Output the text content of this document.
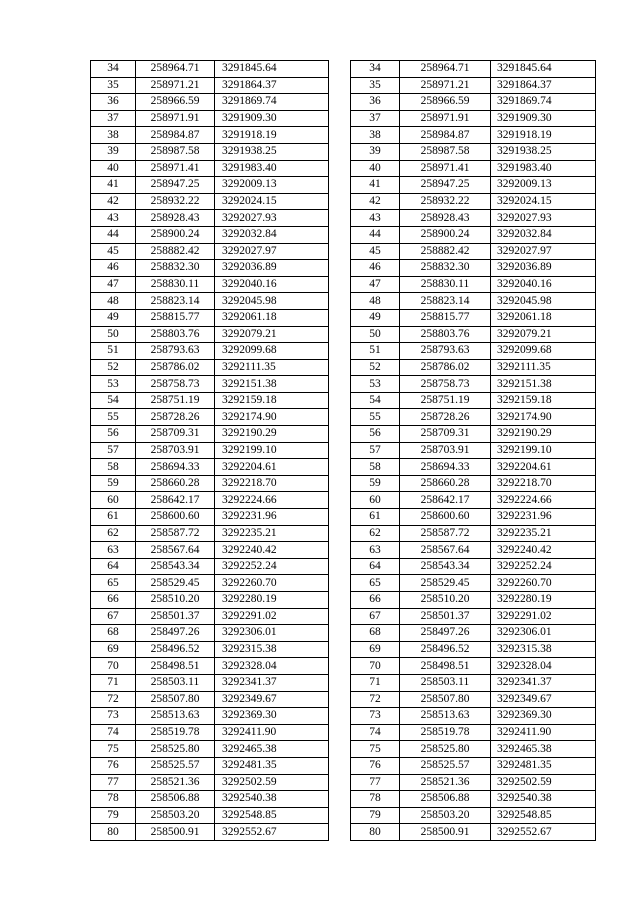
34	258964.71	3291845.64
35	258971.21	3291864.37
36	258966.59	3291869.74
37	258971.91	3291909.30
38	258984.87	3291918.19
39	258987.58	3291938.25
40	258971.41	3291983.40
41	258947.25	3292009.13
42	258932.22	3292024.15
43	258928.43	3292027.93
44	258900.24	3292032.84
45	258882.42	3292027.97
46	258832.30	3292036.89
47	258830.11	3292040.16
48	258823.14	3292045.98
49	258815.77	3292061.18
50	258803.76	3292079.21
51	258793.63	3292099.68
52	258786.02	3292111.35
53	258758.73	3292151.38
54	258751.19	3292159.18
55	258728.26	3292174.90
56	258709.31	3292190.29
57	258703.91	3292199.10
58	258694.33	3292204.61
59	258660.28	3292218.70
60	258642.17	3292224.66
61	258600.60	3292231.96
62	258587.72	3292235.21
63	258567.64	3292240.42
64	258543.34	3292252.24
65	258529.45	3292260.70
66	258510.20	3292280.19
67	258501.37	3292291.02
68	258497.26	3292306.01
69	258496.52	3292315.38
70	258498.51	3292328.04
71	258503.11	3292341.37
72	258507.80	3292349.67
73	258513.63	3292369.30
74	258519.78	3292411.90
75	258525.80	3292465.38
76	258525.57	3292481.35
77	258521.36	3292502.59
78	258506.88	3292540.38
79	258503.20	3292548.85
80	258500.91	3292552.67
34	258964.71	3291845.64
35	258971.21	3291864.37
36	258966.59	3291869.74
37	258971.91	3291909.30
38	258984.87	3291918.19
39	258987.58	3291938.25
40	258971.41	3291983.40
41	258947.25	3292009.13
42	258932.22	3292024.15
43	258928.43	3292027.93
44	258900.24	3292032.84
45	258882.42	3292027.97
46	258832.30	3292036.89
47	258830.11	3292040.16
48	258823.14	3292045.98
49	258815.77	3292061.18
50	258803.76	3292079.21
51	258793.63	3292099.68
52	258786.02	3292111.35
53	258758.73	3292151.38
54	258751.19	3292159.18
55	258728.26	3292174.90
56	258709.31	3292190.29
57	258703.91	3292199.10
58	258694.33	3292204.61
59	258660.28	3292218.70
60	258642.17	3292224.66
61	258600.60	3292231.96
62	258587.72	3292235.21
63	258567.64	3292240.42
64	258543.34	3292252.24
65	258529.45	3292260.70
66	258510.20	3292280.19
67	258501.37	3292291.02
68	258497.26	3292306.01
69	258496.52	3292315.38
70	258498.51	3292328.04
71	258503.11	3292341.37
72	258507.80	3292349.67
73	258513.63	3292369.30
74	258519.78	3292411.90
75	258525.80	3292465.38
76	258525.57	3292481.35
77	258521.36	3292502.59
78	258506.88	3292540.38
79	258503.20	3292548.85
80	258500.91	3292552.67
